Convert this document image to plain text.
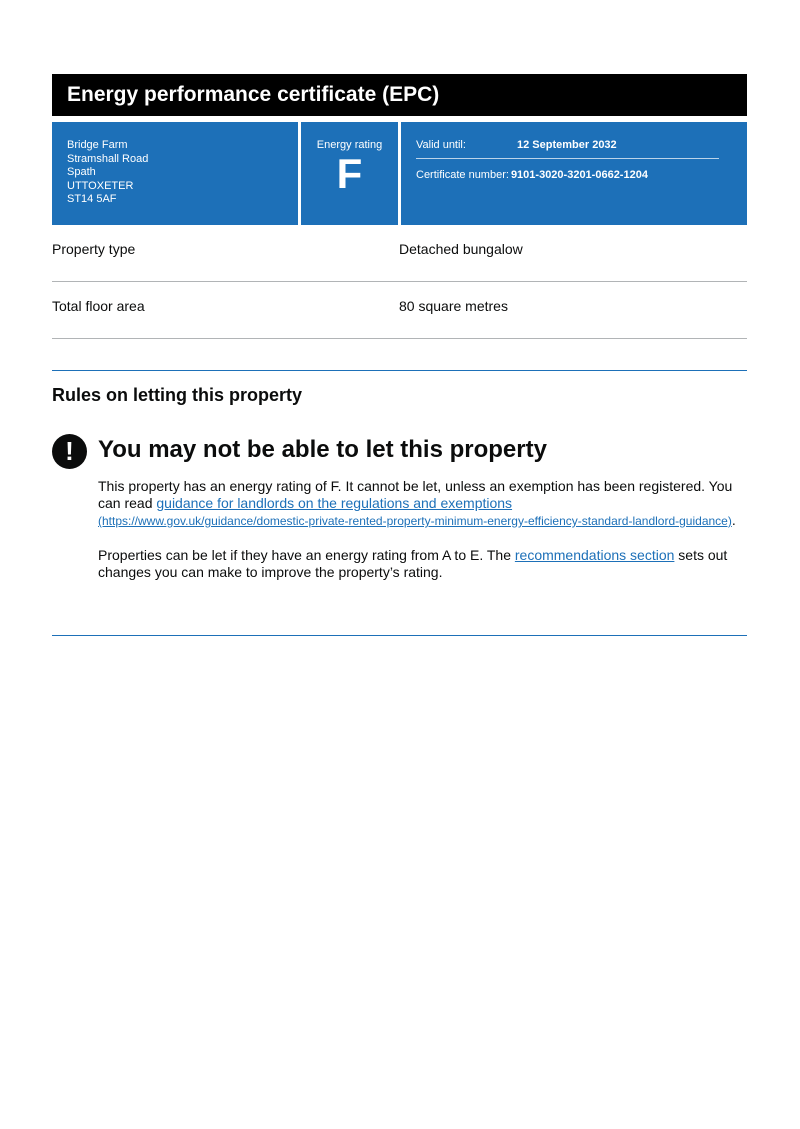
Energy performance certificate (EPC)
Bridge Farm
Stramshall Road
Spath
UTTOXETER
ST14 5AF
Energy rating
F
Valid until:	12 September 2032
Certificate number: 9101-3020-3201-0662-1204
Property type	Detached bungalow
Total floor area	80 square metres
Rules on letting this property
!	You may not be able to let this property

This property has an energy rating of F. It cannot be let, unless an exemption has been registered. You can read guidance for landlords on the regulations and exemptions
(https://www.gov.uk/guidance/domestic-private-rented-property-minimum-energy-efficiency-standard-landlord-guidance).

Properties can be let if they have an energy rating from A to E. The recommendations section sets out changes you can make to improve the property’s rating.
